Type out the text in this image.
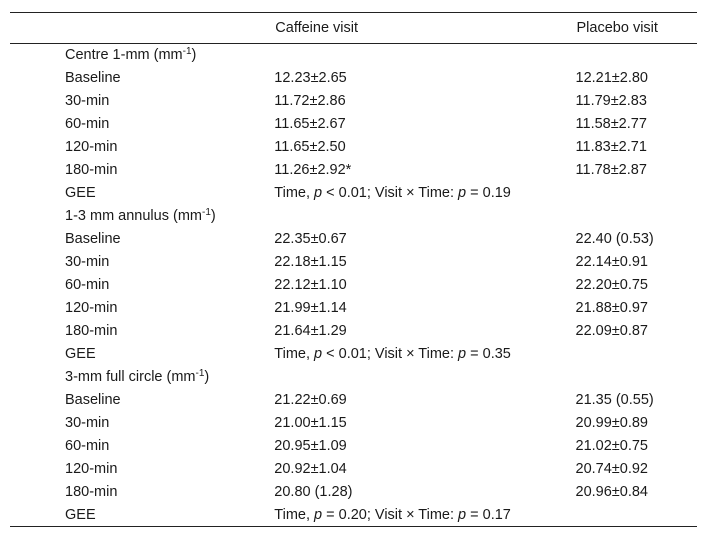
	Caffeine visit	Placebo visit
Centre 1-mm $(mm^{-1})$		
Baseline	12.23±2.65	12.21±2.80
30-min	11.72±2.86	11.79±2.83
60-min	11.65±2.67	11.58±2.77
120-min	11.65±2.50	11.83±2.71
180-min	11.26±2.92*	11.78±2.87
GEE	Time, p < 0.01; Visit × Time: p = 0.19	
1-3 mm annulus $(mm^{-1})$		
Baseline	22.35±0.67	22.40 (0.53)
30-min	22.18±1.15	22.14±0.91
60-min	22.12±1.10	22.20±0.75
120-min	21.99±1.14	21.88±0.97
180-min	21.64±1.29	22.09±0.87
GEE	Time, p < 0.01; Visit × Time: p = 0.35	
3-mm full circle $(mm^{-1})$		
Baseline	21.22±0.69	21.35 (0.55)
30-min	21.00±1.15	20.99±0.89
60-min	20.95±1.09	21.02±0.75
120-min	20.92±1.04	20.74±0.92
180-min	20.80 (1.28)	20.96±0.84
GEE	Time, p = 0.20; Visit × Time: p = 0.17	
